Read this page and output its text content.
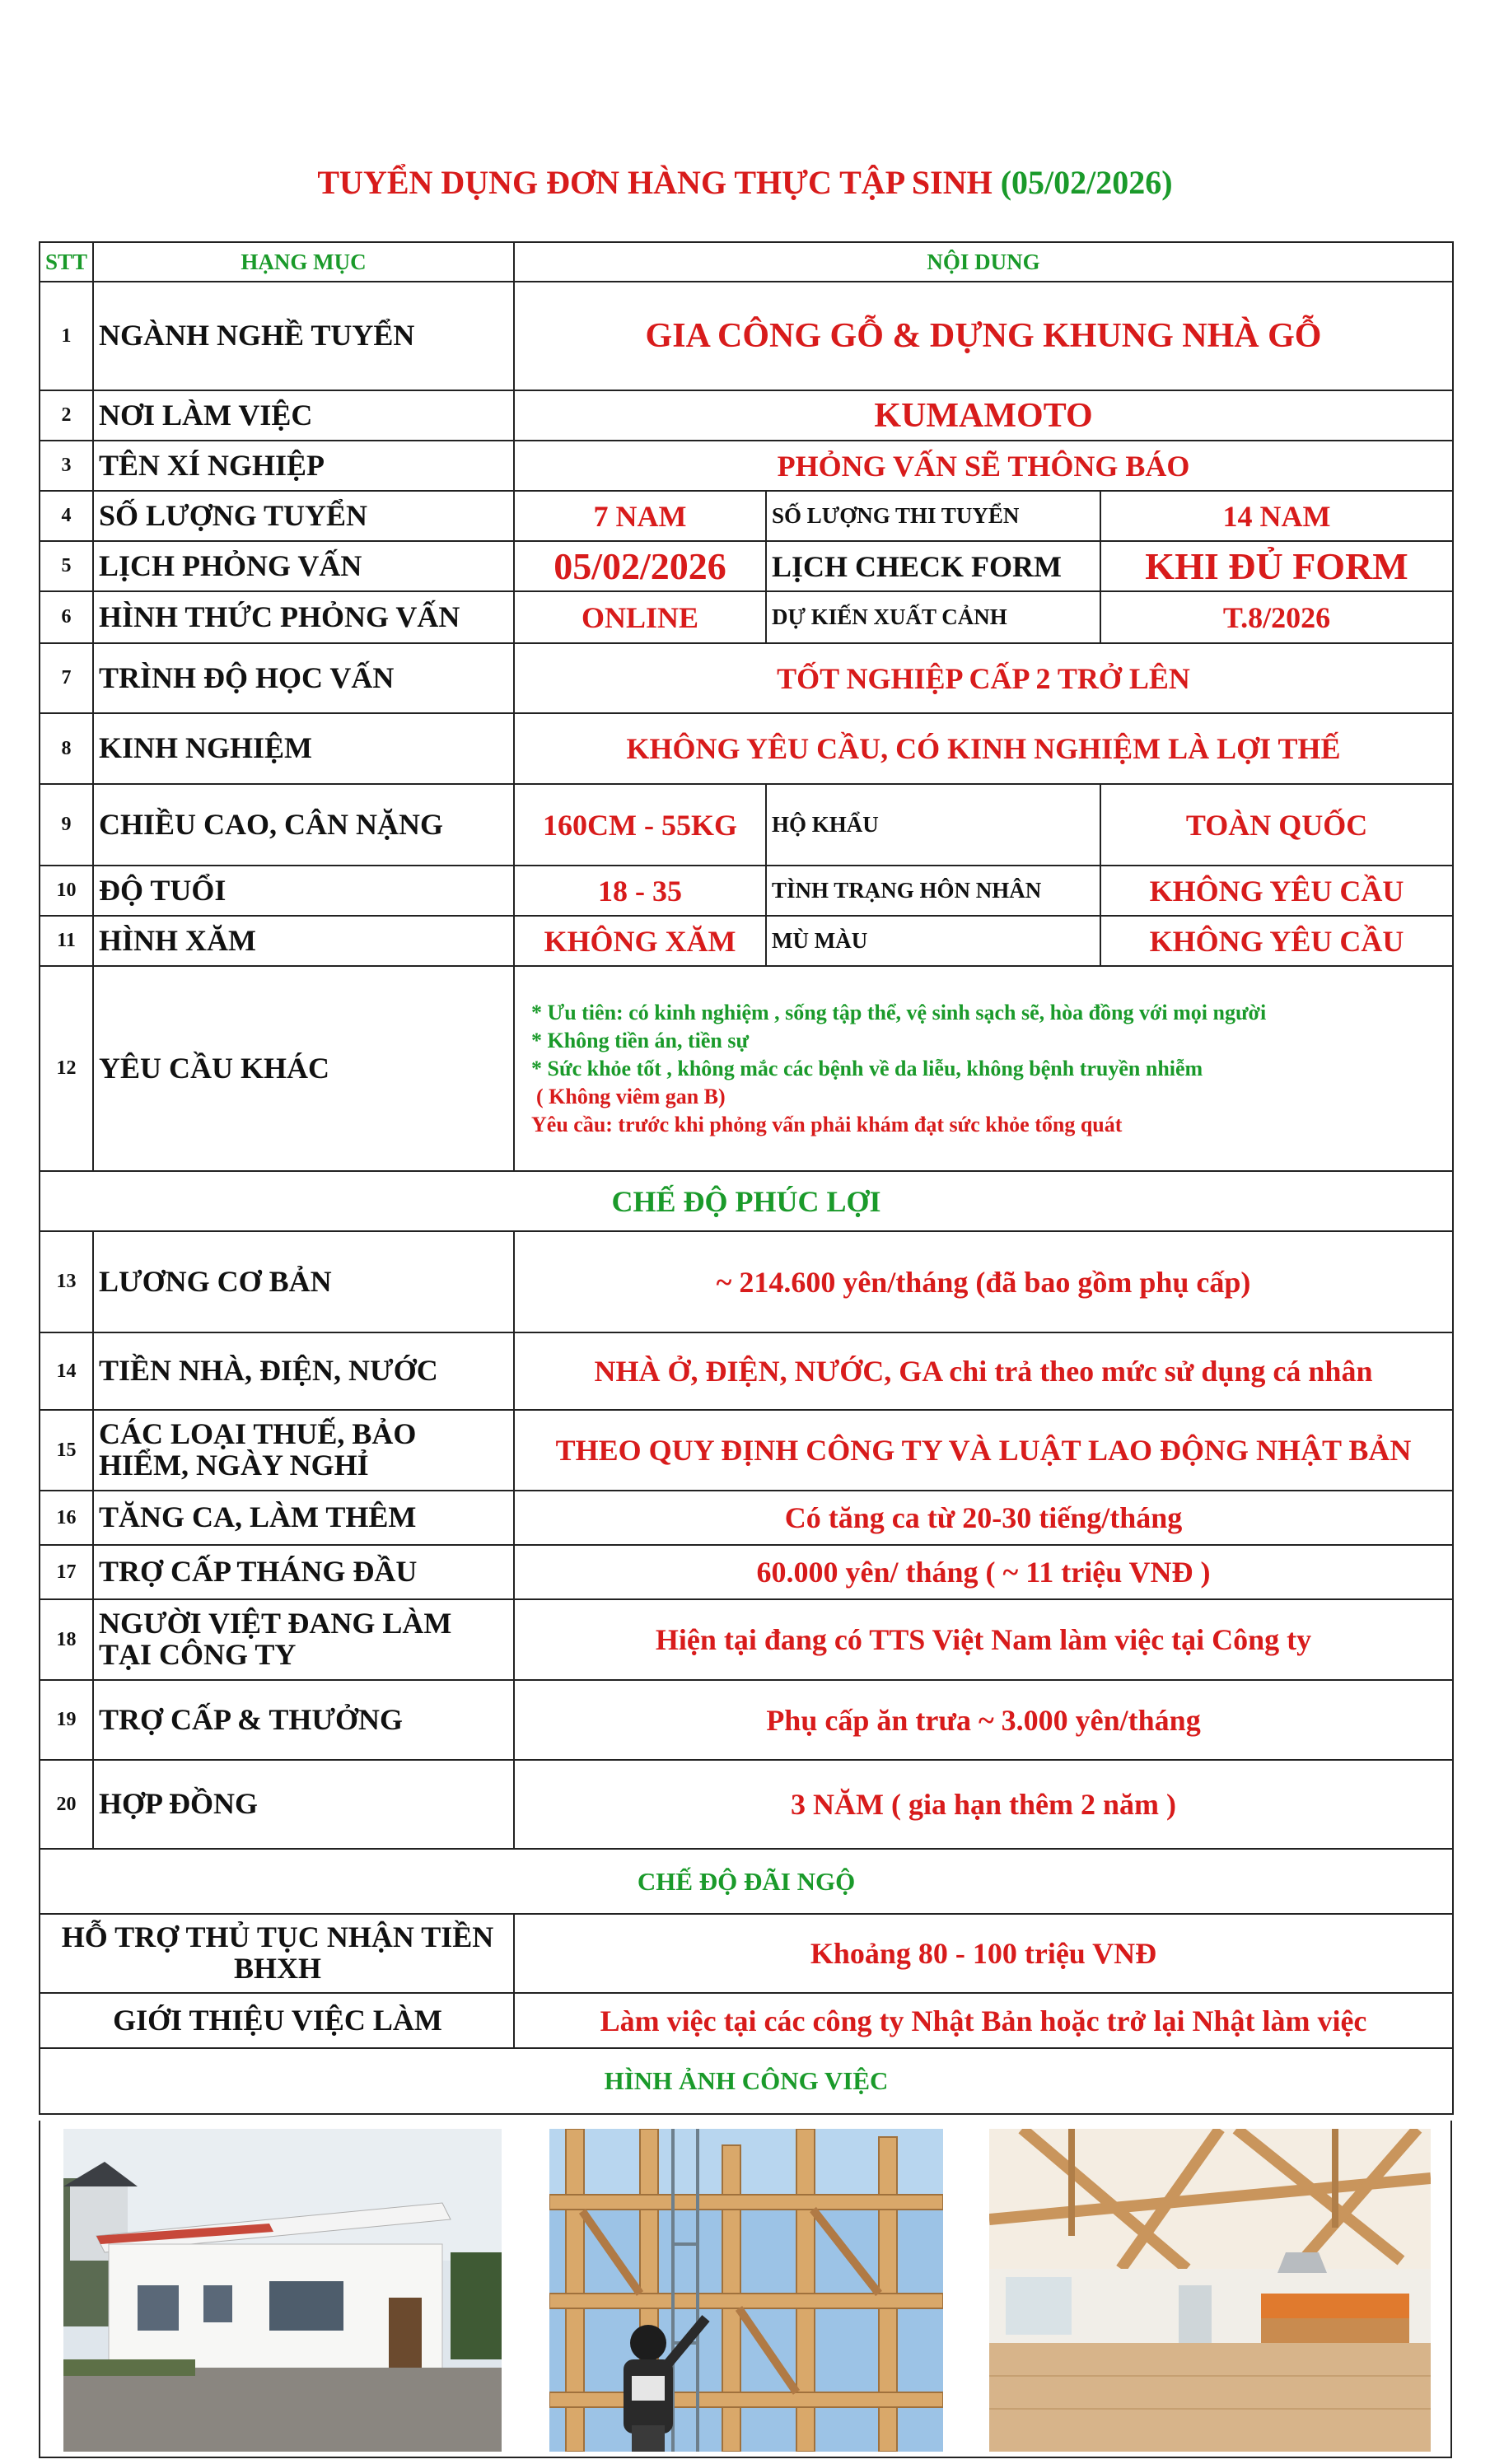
TUYỂN DỤNG ĐƠN HÀNG THỰC TẬP SINH (05/02/2026)
STT	HẠNG MỤC	NỘI DUNG		
1	NGÀNH NGHỀ TUYỂN	GIA CÔNG GỖ & DỰNG KHUNG NHÀ GỖ		
2	NƠI LÀM VIỆC	KUMAMOTO		
3	TÊN XÍ NGHIỆP	PHỎNG VẤN SẼ THÔNG BÁO		
4	SỐ LƯỢNG TUYỂN	7 NAM	SỐ LƯỢNG THI TUYỂN	14 NAM
5	LỊCH PHỎNG VẤN	05/02/2026	LỊCH CHECK FORM	KHI ĐỦ FORM
6	HÌNH THỨC PHỎNG VẤN	ONLINE	DỰ KIẾN XUẤT CẢNH	T.8/2026
7	TRÌNH ĐỘ HỌC VẤN	TỐT NGHIỆP CẤP 2 TRỞ LÊN		
8	KINH NGHIỆM	KHÔNG YÊU CẦU, CÓ KINH NGHIỆM LÀ LỢI THẾ		
9	CHIỀU CAO, CÂN NẶNG	160CM - 55KG	HỘ KHẨU	TOÀN QUỐC
10	ĐỘ TUỔI	18 - 35	TÌNH TRẠNG HÔN NHÂN	KHÔNG YÊU CẦU
11	HÌNH XĂM	KHÔNG XĂM	MÙ MÀU	KHÔNG YÊU CẦU
12	YÊU CẦU KHÁC	* Ưu tiên: có kinh nghiệm , sống tập thể, vệ sinh sạch sẽ, hòa đồng với mọi người
* Không tiền án, tiền sự
* Sức khỏe tốt , không mắc các bệnh về da liễu, không bệnh truyền nhiễm
( Không viêm gan B)
Yêu cầu: trước khi phỏng vấn phải khám đạt sức khỏe tổng quát		

CHẾ ĐỘ PHÚC LỢI				
13	LƯƠNG CƠ BẢN	~ 214.600 yên/tháng (đã bao gồm phụ cấp)		
14	TIỀN NHÀ, ĐIỆN, NƯỚC	NHÀ Ở, ĐIỆN, NƯỚC, GA chi trả theo mức sử dụng cá nhân		
15	CÁC LOẠI THUẾ, BẢO
HIỂM, NGÀY NGHỈ	THEO QUY ĐỊNH CÔNG TY VÀ LUẬT LAO ĐỘNG NHẬT BẢN		
16	TĂNG CA, LÀM THÊM	Có tăng ca từ 20-30 tiếng/tháng		
17	TRỢ CẤP THÁNG ĐẦU	60.000 yên/ tháng ( ~ 11 triệu VNĐ )		
18	NGƯỜI VIỆT ĐANG LÀM
TẠI CÔNG TY	Hiện tại đang có TTS Việt Nam làm việc tại Công ty		
19	TRỢ CẤP & THƯỞNG	Phụ cấp ăn trưa ~ 3.000 yên/tháng		
20	HỢP ĐỒNG	3 NĂM ( gia hạn thêm 2 năm )		
CHẾ ĐỘ ĐÃI NGỘ				
HỖ TRỢ THỦ TỤC NHẬN TIỀN
BHXH		Khoảng 80 - 100 triệu VNĐ		
GIỚI THIỆU VIỆC LÀM		Làm việc tại các công ty Nhật Bản hoặc trở lại Nhật làm việc		
HÌNH ẢNH CÔNG VIỆC				
